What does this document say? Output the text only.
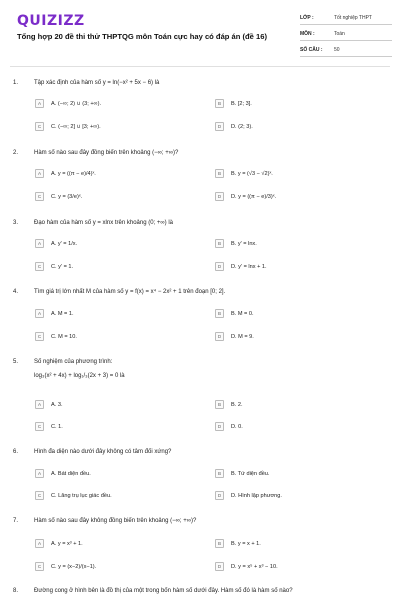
QUIZIZZ
Tổng hợp 20 đề thi thử THPTQG môn Toán cực hay có đáp án (đề 16)
LỚP :	Tốt nghiệp THPT
MÔN :	Toán
SỐ CÂU :	50
1.	Tập xác định của hàm số y = ln(−x² + 5x − 6) là
A	A. (−∞; 2) ∪ (3; +∞).	B	B. [2; 3].
C	C. (−∞; 2] ∪ [3; +∞).	D	D. (2; 3).
2.	Hàm số nào sau đây đồng biến trên khoảng (−∞; +∞)?
A	A. y = ((π − e)/4)ˣ.	B	B. y = (√3 − √2)ˣ.
C	C. y = (3/e)ˣ.	D	D. y = ((π − e)/3)ˣ.
3.	Đạo hàm của hàm số y = xlnx trên khoảng (0; +∞) là
A	A. y' = 1/x.	B	B. y' = lnx.
C	C. y' = 1.	D	D. y' = lnx + 1.
4.	Tìm giá trị lớn nhất M của hàm số y = f(x) = x⁴ − 2x² + 1 trên đoạn [0; 2].
A	A. M = 1.	B	B. M = 0.
C	C. M = 10.	D	D. M = 9.
5.	Số nghiệm của phương trình:
log₃(x² + 4x) + log₁/₃(2x + 3) = 0 là
A	A. 3.	B	B. 2.
C	C. 1.	D	D. 0.
6.	Hình đa diện nào dưới đây không có tâm đối xứng?
A	A. Bát diện đều.	B	B. Tứ diện đều.
C	C. Lăng trụ lục giác đều.	D	D. Hình lập phương.
7.	Hàm số nào sau đây không đồng biến trên khoảng (−∞; +∞)?
A	A. y = x³ + 1.	B	B. y = x + 1.
C	C. y = (x−2)/(x−1).	D	D. y = x⁵ + x³ − 10.
8.	Đường cong ở hình bên là đồ thị của một trong bốn hàm số dưới đây. Hàm số đó là hàm số nào?
